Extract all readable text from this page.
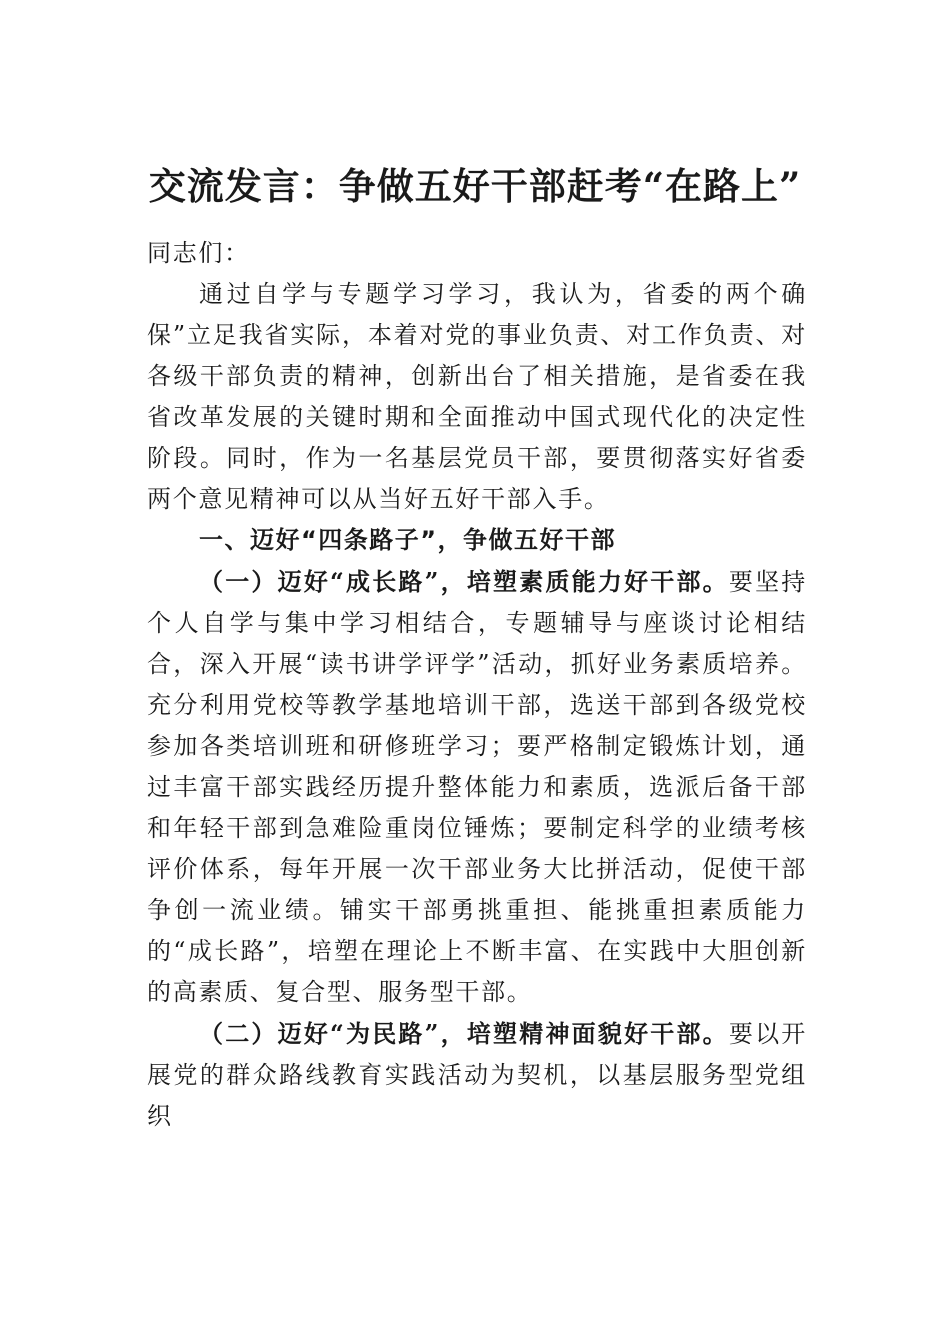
交流发言：争做五好干部赶考“在路上”

同志们：

通过自学与专题学习学习，我认为，省委的两个确保”立足我省实际，本着对党的事业负责、对工作负责、对各级干部负责的精神，创新出台了相关措施，是省委在我省改革发展的关键时期和全面推动中国式现代化的决定性阶段。同时，作为一名基层党员干部，要贯彻落实好省委两个意见精神可以从当好五好干部入手。

一、迈好“四条路子”，争做五好干部

（一）迈好“成长路”，培塑素质能力好干部。要坚持个人自学与集中学习相结合，专题辅导与座谈讨论相结合，深入开展“读书讲学评学”活动，抓好业务素质培养。充分利用党校等教学基地培训干部，选送干部到各级党校参加各类培训班和研修班学习；要严格制定锻炼计划，通过丰富干部实践经历提升整体能力和素质，选派后备干部和年轻干部到急难险重岗位锤炼；要制定科学的业绩考核评价体系，每年开展一次干部业务大比拼活动，促使干部争创一流业绩。铺实干部勇挑重担、能挑重担素质能力的“成长路”，培塑在理论上不断丰富、在实践中大胆创新的高素质、复合型、服务型干部。

（二）迈好“为民路”，培塑精神面貌好干部。要以开展党的群众路线教育实践活动为契机，以基层服务型党组织
